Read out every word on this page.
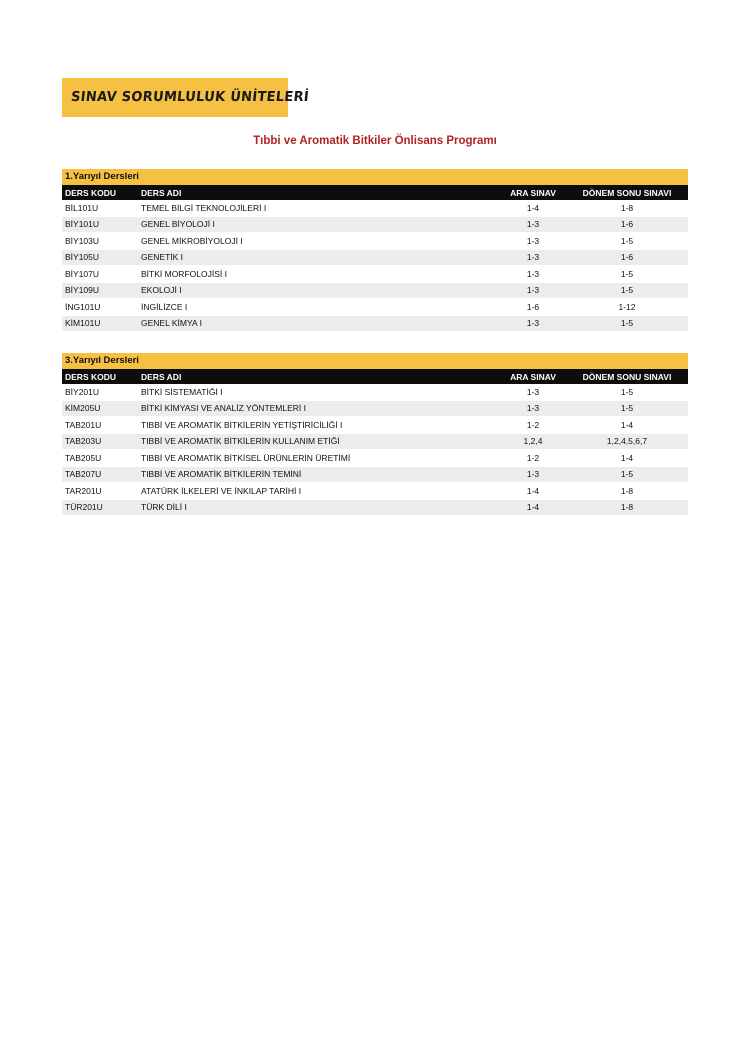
SINAV SORUMLULUK ÜNİTELERİ
Tıbbi ve Aromatik Bitkiler Önlisans Programı
1.Yarıyıl Dersleri
DERS KODU	DERS ADI	ARA SINAV	DÖNEM SONU SINAVI
BİL101U	TEMEL BİLGİ TEKNOLOJİLERİ I	1-4	1-8
BİY101U	GENEL BİYOLOJİ I	1-3	1-6
BİY103U	GENEL MİKROBİYOLOJİ I	1-3	1-5
BİY105U	GENETİK I	1-3	1-6
BİY107U	BİTKİ MORFOLOJİSİ I	1-3	1-5
BİY109U	EKOLOJİ I	1-3	1-5
İNG101U	İNGİLİZCE I	1-6	1-12
KİM101U	GENEL KİMYA I	1-3	1-5
3.Yarıyıl Dersleri
DERS KODU	DERS ADI	ARA SINAV	DÖNEM SONU SINAVI
BİY201U	BİTKİ SİSTEMATİĞİ I	1-3	1-5
KİM205U	BİTKİ KİMYASI VE ANALİZ YÖNTEMLERİ I	1-3	1-5
TAB201U	TIBBİ VE AROMATİK BİTKİLERİN YETİŞTİRİCİLİĞİ I	1-2	1-4
TAB203U	TIBBİ VE AROMATİK BİTKİLERİN KULLANIM ETİĞİ	1,2,4	1,2,4,5,6,7
TAB205U	TIBBİ VE AROMATİK BİTKİSEL ÜRÜNLERİN ÜRETİMİ	1-2	1-4
TAB207U	TIBBİ VE AROMATİK BİTKİLERİN TEMİNİ	1-3	1-5
TAR201U	ATATÜRK İLKELERİ VE İNKILAP TARİHİ I	1-4	1-8
TÜR201U	TÜRK DİLİ I	1-4	1-8
